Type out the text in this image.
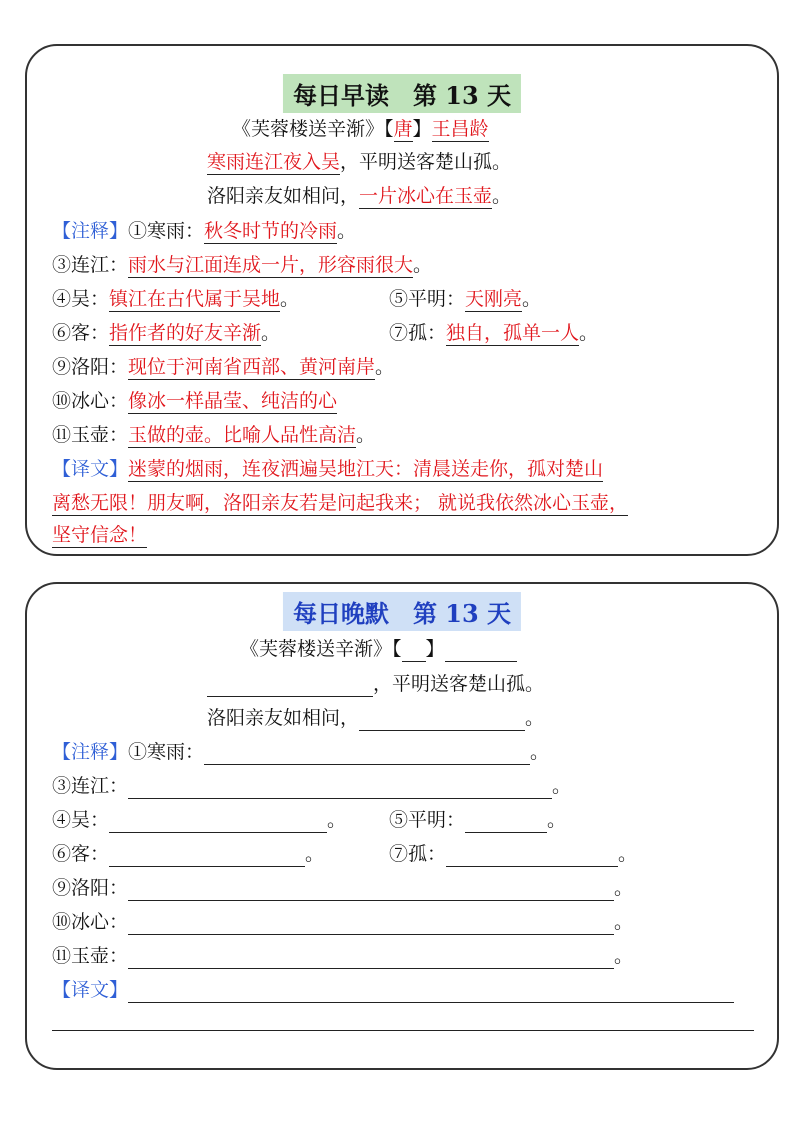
每日早读　第 13 天
《芙蓉楼送辛渐》【唐】王昌龄
寒雨连江夜入吴，平明送客楚山孤。
洛阳亲友如相问，一片冰心在玉壶。
【注释】①寒雨：秋冬时节的冷雨。
③连江：雨水与江面连成一片，形容雨很大。
④吴：镇江在古代属于吴地。	⑤平明：天刚亮。
⑥客：指作者的好友辛渐。	⑦孤：独自，孤单一人。
⑨洛阳：现位于河南省西部、黄河南岸。
⑩冰心：像冰一样晶莹、纯洁的心
⑪玉壶：玉做的壶。比喻人品性高洁。
【译文】迷蒙的烟雨，连夜洒遍吴地江天：清晨送走你，孤对楚山
离愁无限！朋友啊，洛阳亲友若是问起我来； 就说我依然冰心玉壶，
坚守信念！
每日晚默　第 13 天
《芙蓉楼送辛渐》【 】
，平明送客楚山孤。
洛阳亲友如相问，	。
【注释】①寒雨：	。
③连江：	。
④吴：	。 ⑤平明：	。
⑥客：	。	⑦孤：	。
⑨洛阳：	。
⑩冰心：	。
⑪玉壶：	。
【译文】
